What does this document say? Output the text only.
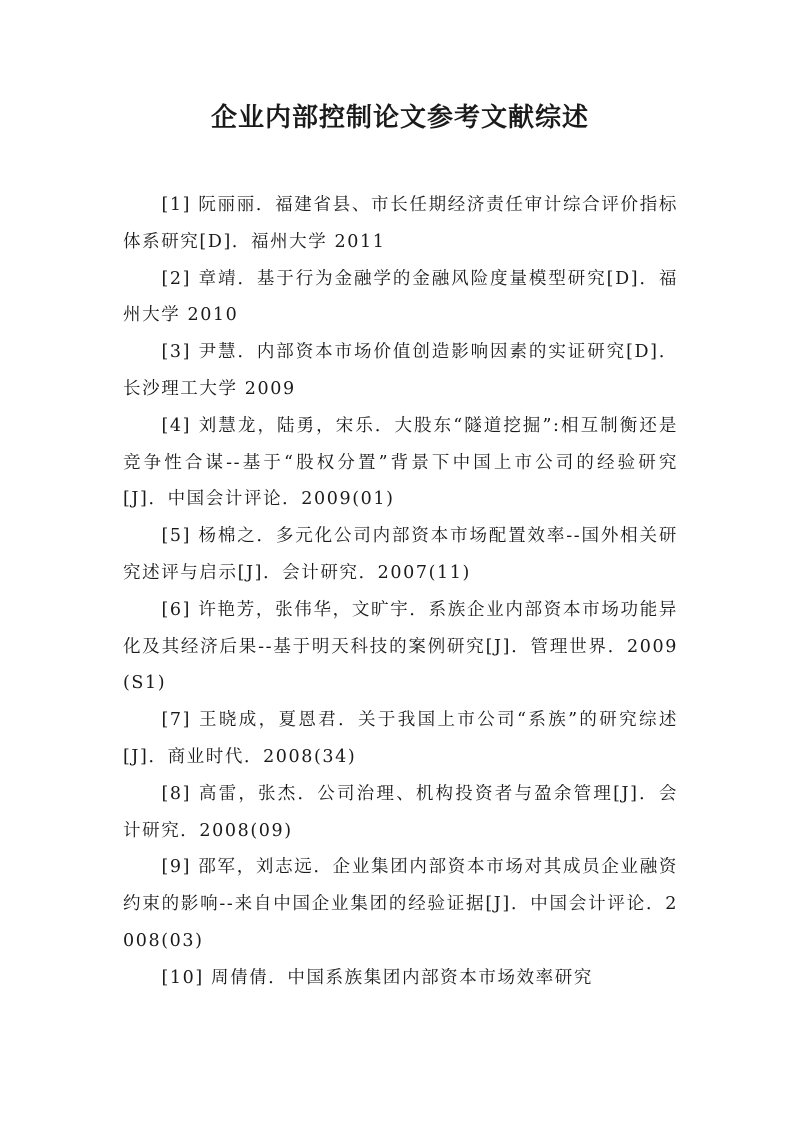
企业内部控制论文参考文献综述
[1] 阮丽丽．福建省县、市长任期经济责任审计综合评价指标体系研究[D]．福州大学 2011
[2] 章靖．基于行为金融学的金融风险度量模型研究[D]．福州大学 2010
[3] 尹慧．内部资本市场价值创造影响因素的实证研究[D]．长沙理工大学 2009
[4] 刘慧龙，陆勇，宋乐．大股东“隧道挖掘”:相互制衡还是竞争性合谋--基于“股权分置”背景下中国上市公司的经验研究[J]．中国会计评论．2009(01)
[5] 杨棉之．多元化公司内部资本市场配置效率--国外相关研究述评与启示[J]．会计研究．2007(11)
[6] 许艳芳，张伟华，文旷宇．系族企业内部资本市场功能异化及其经济后果--基于明天科技的案例研究[J]．管理世界．2009(S1)
[7] 王晓成，夏恩君．关于我国上市公司“系族”的研究综述[J]．商业时代．2008(34)
[8] 高雷，张杰．公司治理、机构投资者与盈余管理[J]．会计研究．2008(09)
[9] 邵军，刘志远．企业集团内部资本市场对其成员企业融资约束的影响--来自中国企业集团的经验证据[J]．中国会计评论．2008(03)
[10] 周倩倩．中国系族集团内部资本市场效率研究
